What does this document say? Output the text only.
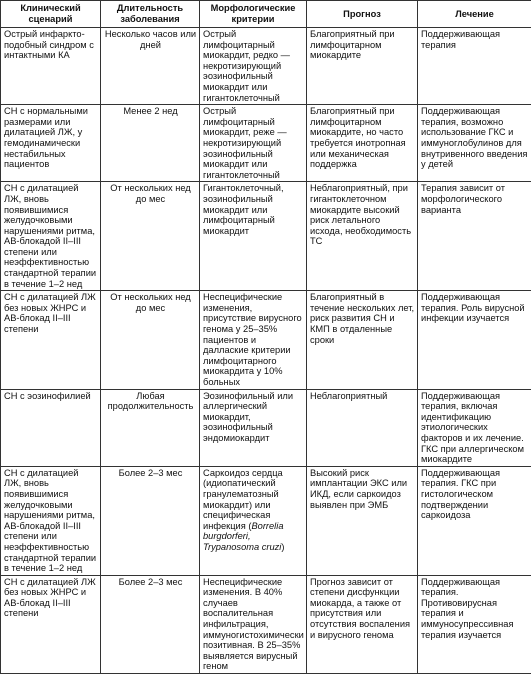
Клинический сценарий	Длительность заболевания	Морфологические критерии	Прогноз	Лечение
Острый инфаркто-подобный синдром с интактными КА	Несколько часов или дней	Острый лимфоцитарный миокардит, редко — некротизирующий эозинофильный миокардит или гигантоклеточный	Благоприятный при лимфоцитарном миокардите	Поддерживающая терапия
СН с нормальными размерами или дилатацией ЛЖ, у гемодинамически нестабильных пациентов	Менее 2 нед	Острый лимфоцитарный миокардит, реже — некротизирующий эозинофильный миокардит или гигантоклеточный	Благоприятный при лимфоцитарном миокардите, но часто требуется инотропная или механическая поддержка	Поддерживающая терапия, возможно использование ГКС и иммуноглобулинов для внутривенного введения у детей
СН с дилатацией ЛЖ, вновь появившимися желудочковыми нарушениями ритма, АВ-блокадой II–III степени или неэффективностью стандартной терапии в течение 1–2 нед	От нескольких нед до мес	Гигантоклеточный, эозинофильный миокардит или лимфоцитарный миокардит	Неблагоприятный, при гигантоклеточном миокардите высокий риск летального исхода, необходимость ТС	Терапия зависит от морфологического варианта
СН с дилатацией ЛЖ без новых ЖНРС и АВ-блокад II–III степени	От нескольких нед до мес	Неспецифические изменения, присутствие вирусного генома у 25–35% пациентов и даллаские критерии лимфоцитарного миокардита у 10% больных	Благоприятный в течение нескольких лет, риск развития СН и КМП в отдаленные сроки	Поддерживающая терапия. Роль вирусной инфекции изучается
СН с эозинофилией	Любая продолжительность	Эозинофильный или аллергический миокардит, эозинофильный эндомиокардит	Неблагоприятный	Поддерживающая терапия, включая идентификацию этиологических факторов и их лечение. ГКС при аллергическом миокардите
СН с дилатацией ЛЖ, вновь появившимися желудочковыми нарушениями ритма, АВ-блокадой II–III степени или неэффективностью стандартной терапии в течение 1–2 нед	Более 2–3 мес	Саркоидоз сердца (идиопатический гранулематозный миокардит) или специфическая инфекция (Borrelia burgdorferi, Trypanosoma cruzi)	Высокий риск имплантации ЭКС или ИКД, если саркоидоз выявлен при ЭМБ	Поддерживающая терапия. ГКС при гистологическом подтверждении саркоидоза
СН с дилатацией ЛЖ без новых ЖНРС и АВ-блокад II–III степени	Более 2–3 мес	Неспецифические изменения. В 40% случаев воспалительная инфильтрация, иммуногистохимически позитивная. В 25–35% выявляется вирусный геном	Прогноз зависит от степени дисфункции миокарда, а также от присутствия или отсутствия воспаления и вирусного генома	Поддерживающая терапия. Противовирусная терапия и иммуносупрессивная терапия изучается
